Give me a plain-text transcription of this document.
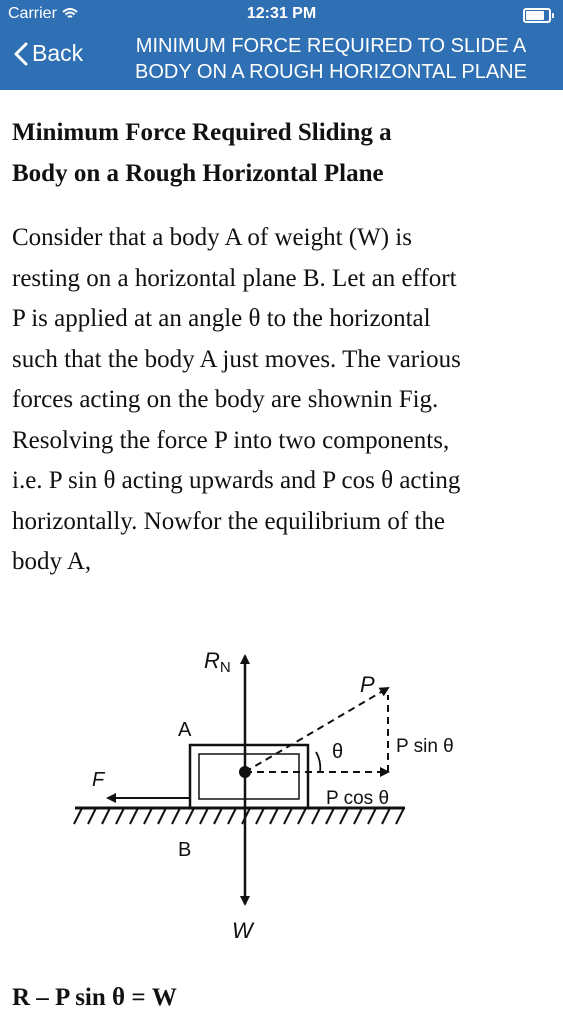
Carrier	12:31 PM
Back	MINIMUM FORCE REQUIRED TO SLIDE A
BODY ON A ROUGH HORIZONTAL PLANE
Minimum Force Required Sliding a
Body on a Rough Horizontal Plane
Consider that a body A of weight (W) is
resting on a horizontal plane B. Let an effort
P is applied at an angle θ to the horizontal
such that the body A just moves. The various
forces acting on the body are shownin Fig.
Resolving the force P into two components,
i.e. P sin θ acting upwards and P cos θ acting
horizontally. Nowfor the equilibrium of the
body A,
RN
P
A
θ	P sin θ
F
P cos θ
B
W
R – P sin θ = W
